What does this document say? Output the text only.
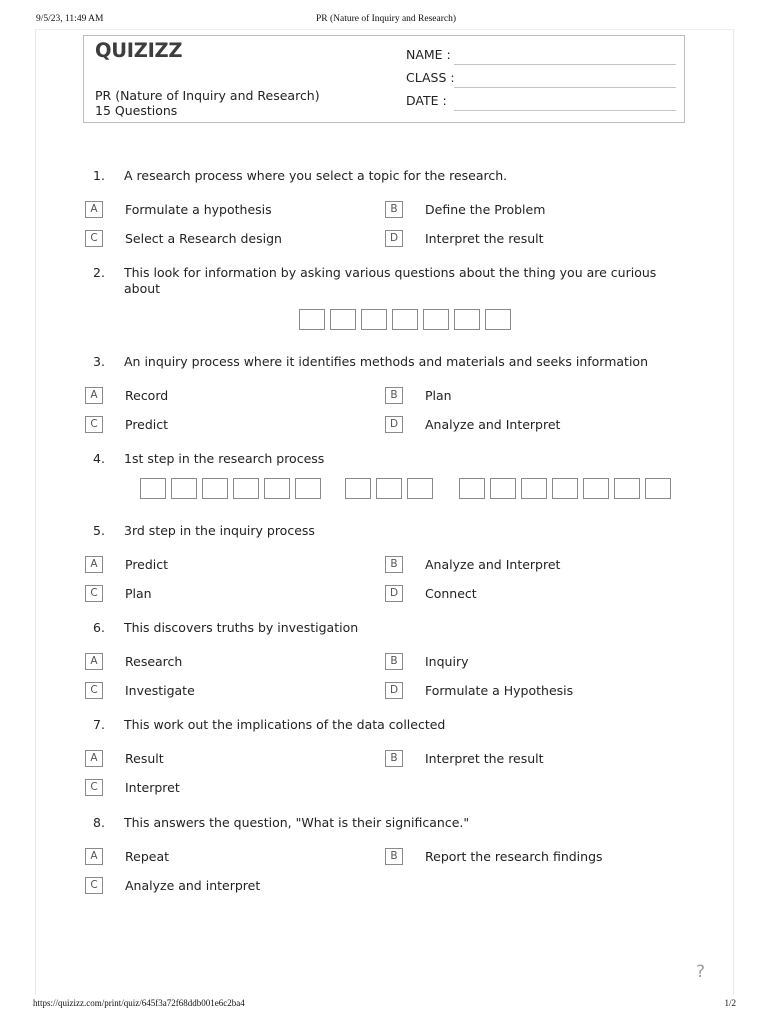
9/5/23, 11:49 AM	PR (Nature of Inquiry and Research)
QUIZIZZ
PR (Nature of Inquiry and Research)
15 Questions
NAME :
CLASS :
DATE :
1. A research process where you select a topic for the research.
A	Formulate a hypothesis	B	Define the Problem
C	Select a Research design	D	Interpret the result
2. This look for information by asking various questions about the thing you are curious about
3. An inquiry process where it identifies methods and materials and seeks information
A	Record	B	Plan
C	Predict	D	Analyze and Interpret
4. 1st step in the research process
5. 3rd step in the inquiry process
A	Predict	B	Analyze and Interpret
C	Plan	D	Connect
6. This discovers truths by investigation
A	Research	B	Inquiry
C	Investigate	D	Formulate a Hypothesis
7. This work out the implications of the data collected
A	Result	B	Interpret the result
C	Interpret
8. This answers the question, "What is their significance."
A	Repeat	B	Report the research findings
C	Analyze and interpret
?
https://quizizz.com/print/quiz/645f3a72f68ddb001e6c2ba4	1/2
